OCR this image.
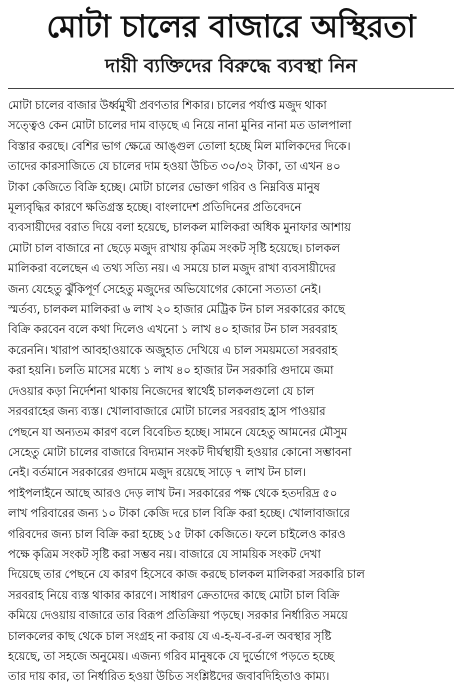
মোটা চালের বাজারে অস্থিরতা
দায়ী ব্যক্তিদের বিরুদ্ধে ব্যবস্থা নিন
মোটা চালের বাজার উর্ধ্বমুখী প্রবণতার শিকার। চালের পর্যাপ্ত মজুদ থাকা
সত্ত্বেও কেন মোটা চালের দাম বাড়ছে এ নিয়ে নানা মুনির নানা মত ডালপালা
বিস্তার করছে। বেশির ভাগ ক্ষেত্রে আঙ্গুল তোলা হচ্ছে মিল মালিকদের দিকে।
তাদের কারসাজিতে যে চালের দাম হওয়া উচিত ৩০/৩২ টাকা, তা এখন ৪০
টাকা কেজিতে বিক্রি হচ্ছে। মোটা চালের ভোক্তা গরিব ও নিম্নবিত্ত মানুষ
মূল্যবৃদ্ধির কারণে ক্ষতিগ্রস্ত হচ্ছে। বাংলাদেশ প্রতিদিনের প্রতিবেদনে
ব্যবসায়ীদের বরাত দিয়ে বলা হয়েছে, চালকল মালিকরা অধিক মুনাফার আশায়
মোটা চাল বাজারে না ছেড়ে মজুদ রাখায় কৃত্রিম সংকট সৃষ্টি হয়েছে। চালকল
মালিকরা বলেছেন এ তথ্য সত্যি নয়। এ সময়ে চাল মজুদ রাখা ব্যবসায়ীদের
জন্য যেহেতু ঝুঁকিপূর্ণ সেহেতু মজুদের অভিযোগের কোনো সত্যতা নেই।
স্মর্তব্য, চালকল মালিকরা ৬ লাখ ২০ হাজার মেট্রিক টন চাল সরকারের কাছে
বিক্রি করবেন বলে কথা দিলেও এখনো ১ লাখ ৪০ হাজার টন চাল সরবরাহ
করেননি। খারাপ আবহাওয়াকে অজুহাত দেখিয়ে এ চাল সময়মতো সরবরাহ
করা হয়নি। চলতি মাসের মধ্যে ১ লাখ ৪০ হাজার টন সরকারি গুদামে জমা
দেওয়ার কড়া নির্দেশনা থাকায় নিজেদের স্বার্থেই চালকলগুলো যে চাল
সরবরাহের জন্য ব্যস্ত। খোলাবাজারে মোটা চালের সরবরাহ হ্রাস পাওয়ার
পেছনে যা অন্যতম কারণ বলে বিবেচিত হচ্ছে। সামনে যেহেতু আমনের মৌসুম
সেহেতু মোটা চালের বাজারে বিদ্যমান সংকট দীর্ঘস্থায়ী হওয়ার কোনো সম্ভাবনা
নেই। বর্তমানে সরকারের গুদামে মজুদ রয়েছে সাড়ে ৭ লাখ টন চাল।
পাইপলাইনে আছে আরও দেড় লাখ টন। সরকারের পক্ষ থেকে হতদরিদ্র ৫০
লাখ পরিবারের জন্য ১০ টাকা কেজি দরে চাল বিক্রি করা হচ্ছে। খোলাবাজারে
গরিবদের জন্য চাল বিক্রি করা হচ্ছে ১৫ টাকা কেজিতে। ফলে চাইলেও কারও
পক্ষে কৃত্রিম সংকট সৃষ্টি করা সম্ভব নয়। বাজারে যে সাময়িক সংকট দেখা
দিয়েছে তার পেছনে যে কারণ হিসেবে কাজ করছে চালকল মালিকরা সরকারি চাল
সরবরাহ নিয়ে ব্যস্ত থাকার কারণে। সাধারণ ক্রেতাদের কাছে মোটা চাল বিক্রি
কমিয়ে দেওয়ায় বাজারে তার বিরূপ প্রতিক্রিয়া পড়ছে। সরকার নির্ধারিত সময়ে
চালকলের কাছ থেকে চাল সংগ্রহ না করায় যে এ-হ-য-ব-র-ল অবস্থার সৃষ্টি
হয়েছে, তা সহজে অনুমেয়। এজন্য গরিব মানুষকে যে দুর্ভোগে পড়তে হচ্ছে
তার দায় কার, তা নির্ধারিত হওয়া উচিত সংশ্লিষ্টদের জবাবদিহিতাও কাম্য।
